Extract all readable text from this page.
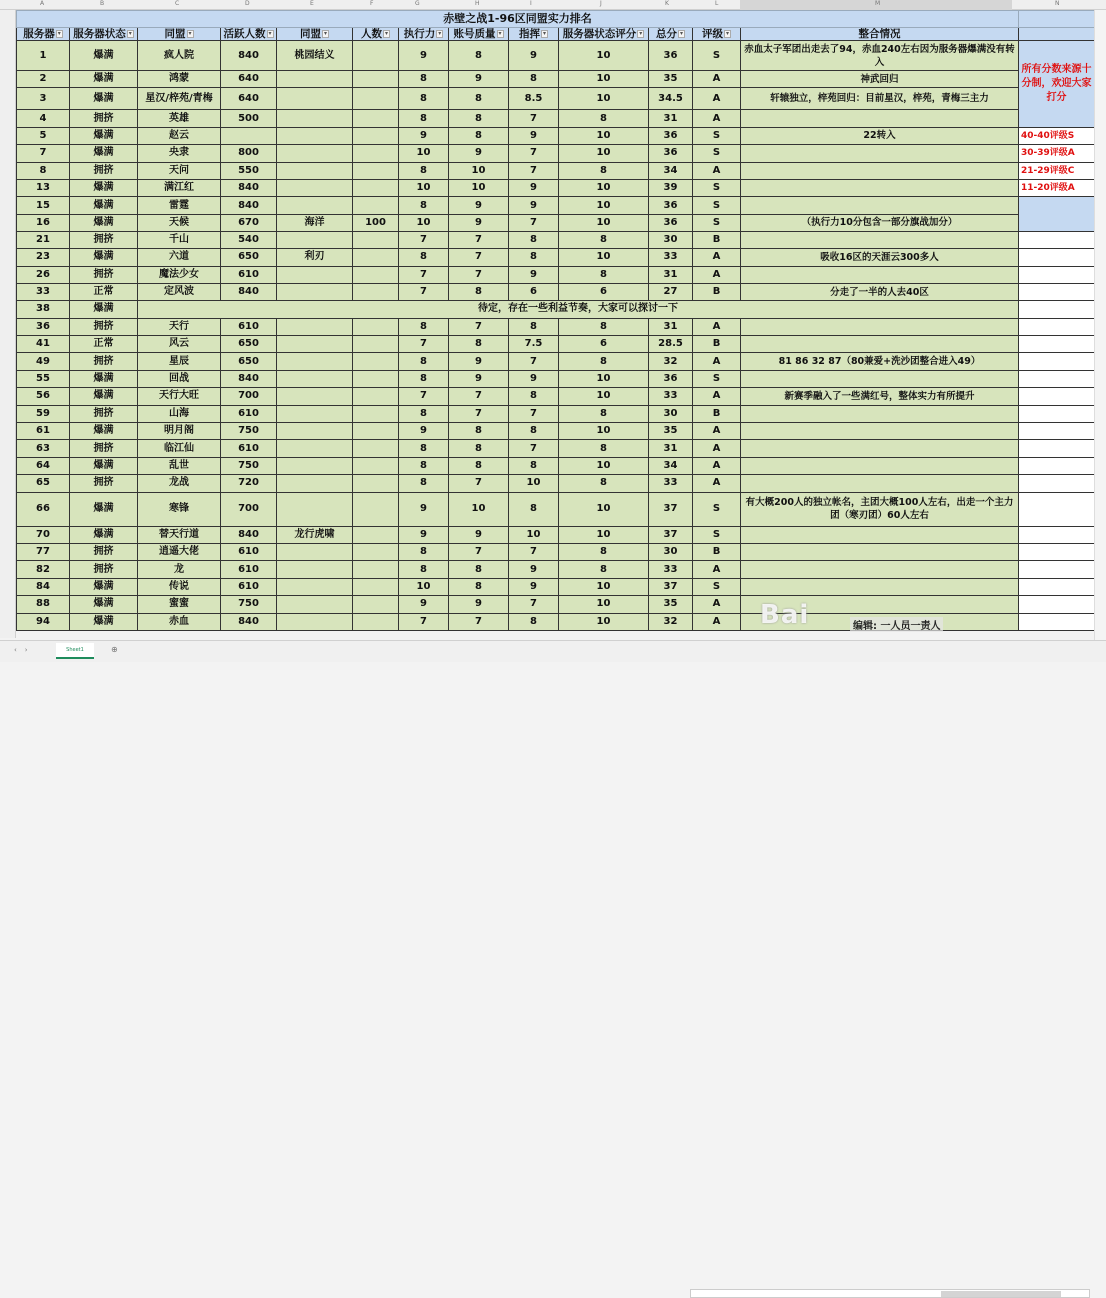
A	B	C	D	E	F	G	H	I	J	K	L	M	N
赤壁之战1-96区同盟实力排名													
服务器 ▾	服务器状态 ▾	同盟 ▾	活跃人数 ▾	同盟 ▾	人数 ▾	执行力 ▾	账号质量 ▾	指挥 ▾	服务器状态评分 ▾	总分 ▾	评级 ▾	整合情况	
1	爆满	疯人院	840	桃园结义		9	8	9	10	36	S	赤血太子军团出走去了94，赤血240左右因为服务器爆满没有转入	所有分数来源十分制，欢迎大家打分
2	爆满	鸿蒙	640			8	9	8	10	35	A	神武回归	
3	爆满	星汉/梓苑/青梅	640			8	8	8.5	10	34.5	A	轩辕独立，梓苑回归：目前星汉，梓苑，青梅三主力	
4	拥挤	英雄	500			8	8	7	8	31	A		
5	爆满	赵云				9	8	9	10	36	S	22转入	40-40评级S
7	爆满	央隶	800			10	9	7	10	36	S		30-39评级A
8	拥挤	天问	550			8	10	7	8	34	A		21-29评级C
13	爆满	满江红	840			10	10	9	10	39	S		11-20评级A
15	爆满	雷霆	840			8	9	9	10	36	S		
16	爆满	天候	670	海洋	100	10	9	7	10	36	S	（执行力10分包含一部分旗战加分）	
21	拥挤	千山	540			7	7	8	8	30	B		
23	爆满	六道	650	利刃		8	7	8	10	33	A	吸收16区的天涯云300多人	
26	拥挤	魔法少女	610			7	7	9	8	31	A		
33	正常	定风波	840			7	8	6	6	27	B	分走了一半的人去40区	
38	爆满	待定，存在一些利益节奏，大家可以探讨一下											
36	拥挤	天行	610			8	7	8	8	31	A		
41	正常	风云	650			7	8	7.5	6	28.5	B		
49	拥挤	星辰	650			8	9	7	8	32	A	81 86 32 87（80兼爱+洗沙团整合进入49）	
55	爆满	回战	840			8	9	9	10	36	S		
56	爆满	天行大旺	700			7	7	8	10	33	A	新赛季融入了一些满红号，整体实力有所提升	
59	拥挤	山海	610			8	7	7	8	30	B		
61	爆满	明月阁	750			9	8	8	10	35	A		
63	拥挤	临江仙	610			8	8	7	8	31	A		
64	爆满	乱世	750			8	8	8	10	34	A		
65	拥挤	龙战	720			8	7	10	8	33	A		
66	爆满	寒锋	700			9	10	8	10	37	S	有大概200人的独立帐名，主团大概100人左右，出走一个主力团（寒刃团）60人左右	
70	爆满	替天行道	840	龙行虎啸		9	9	10	10	37	S		
77	拥挤	逍遥大佬	610			8	7	7	8	30	B		
82	拥挤	龙	610			8	8	9	8	33	A		
84	爆满	传说	610			10	8	9	10	37	S		
88	爆满	蜜蜜	750			9	9	7	10	35	A		
94	爆满	赤血	840			7	7	8	10	32	A		Bai	编辑: 一人员一责人
‹›	Sheet1	⊕
